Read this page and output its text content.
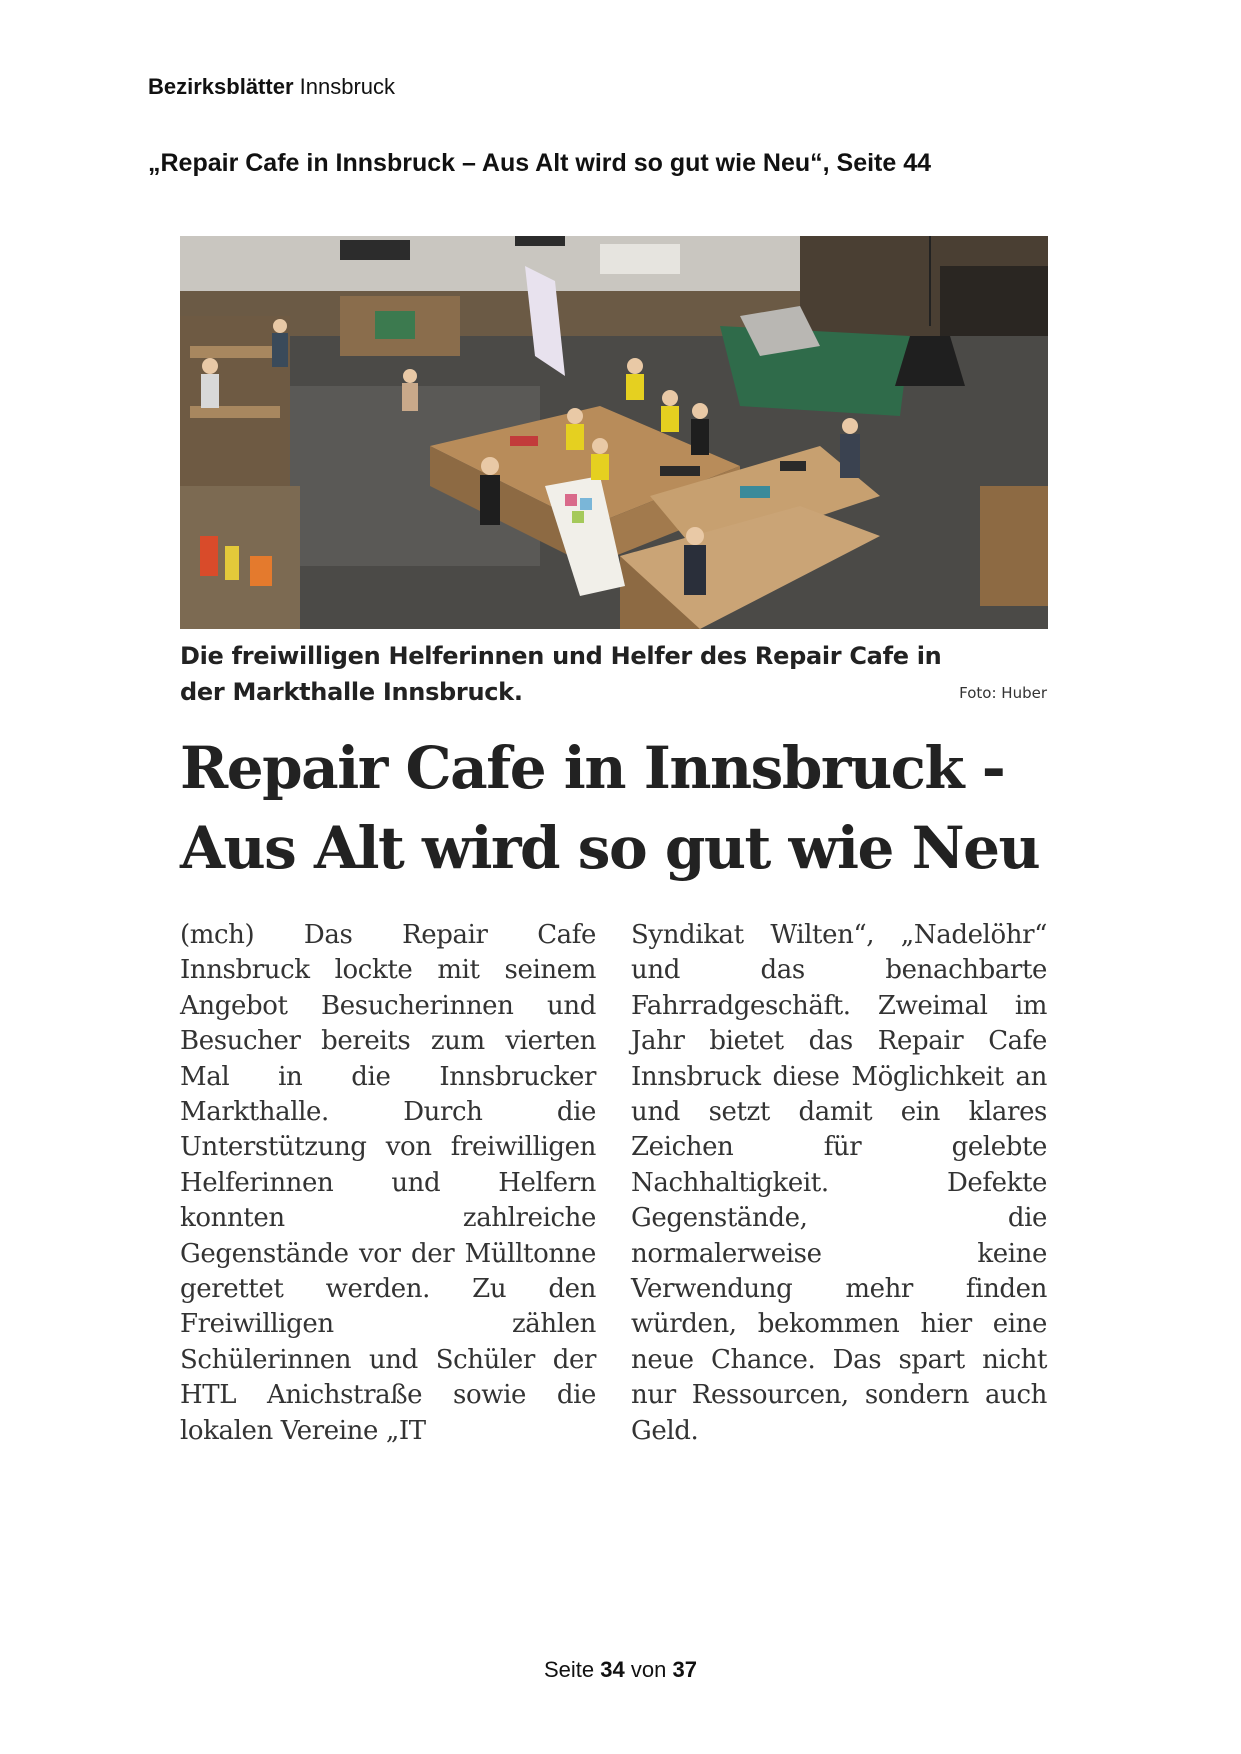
Bezirksblätter Innsbruck
„Repair Cafe in Innsbruck – Aus Alt wird so gut wie Neu“, Seite 44
Die freiwilligen Helferinnen und Helfer des Repair Cafe in der Markthalle Innsbruck.	Foto: Huber
Repair Cafe in Innsbruck -
Aus Alt wird so gut wie Neu
(mch) Das Repair Cafe Innsbruck lockte mit seinem Angebot Besucherinnen und Besucher bereits zum vierten Mal in die Innsbrucker Markthalle. Durch die Unterstützung von freiwilligen Helferinnen und Helfern konnten zahlreiche Gegenstände vor der Mülltonne gerettet werden. Zu den Freiwilligen zählen Schülerinnen und Schüler der HTL Anichstraße sowie die lokalen Vereine „IT
Syndikat Wilten“, „Nadelöhr“ und das benachbarte Fahrradgeschäft. Zweimal im Jahr bietet das Repair Cafe Innsbruck diese Möglichkeit an und setzt damit ein klares Zeichen für gelebte Nachhaltigkeit. Defekte Gegenstände, die normalerweise keine Verwendung mehr finden würden, bekommen hier eine neue Chance. Das spart nicht nur Ressourcen, sondern auch Geld.
Seite 34 von 37
